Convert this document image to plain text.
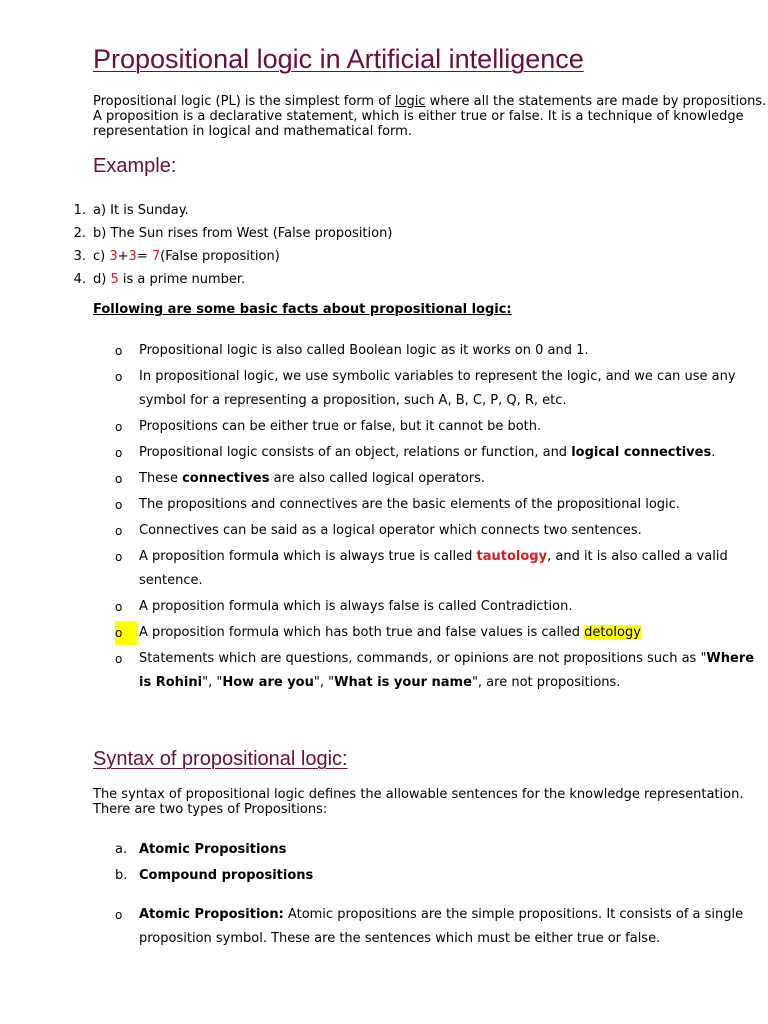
Propositional logic in Artificial intelligence

Propositional logic (PL) is the simplest form of logic where all the statements are made by propositions. A proposition is a declarative statement, which is either true or false. It is a technique of knowledge representation in logical and mathematical form.

Example:
1. a) It is Sunday.
2. b) The Sun rises from West (False proposition)
3. c) 3+3= 7(False proposition)
4. d) 5 is a prime number.

Following are some basic facts about propositional logic:

o	Propositional logic is also called Boolean logic as it works on 0 and 1.
o	In propositional logic, we use symbolic variables to represent the logic, and we can use any symbol for a representing a proposition, such A, B, C, P, Q, R, etc.
o	Propositions can be either true or false, but it cannot be both.
o	Propositional logic consists of an object, relations or function, and logical connectives.
o	These connectives are also called logical operators.
o	The propositions and connectives are the basic elements of the propositional logic.
o	Connectives can be said as a logical operator which connects two sentences.
o	A proposition formula which is always true is called tautology, and it is also called a valid sentence.
o	A proposition formula which is always false is called Contradiction.
o	A proposition formula which has both true and false values is called detology
o	Statements which are questions, commands, or opinions are not propositions such as "Where is Rohini", "How are you", "What is your name", are not propositions.
Syntax of propositional logic:

The syntax of propositional logic defines the allowable sentences for the knowledge representation. There are two types of Propositions:

a. Atomic Propositions
b. Compound propositions
o	Atomic Proposition: Atomic propositions are the simple propositions. It consists of a single proposition symbol. These are the sentences which must be either true or false.
